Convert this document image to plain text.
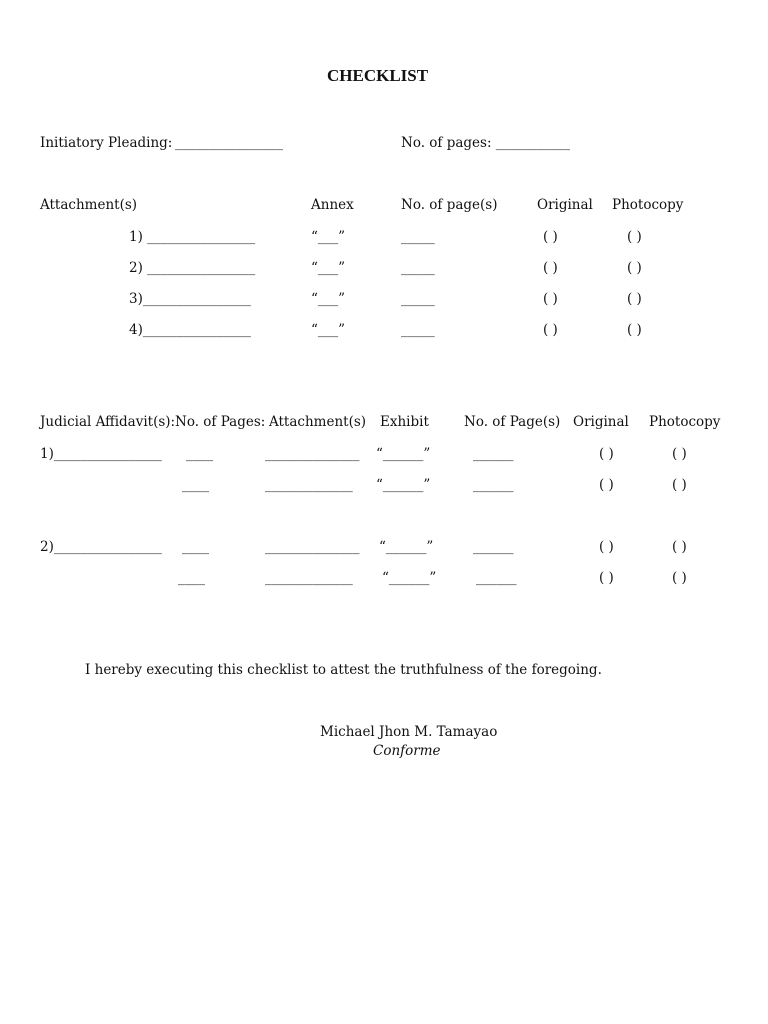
CHECKLIST
Initiatory Pleading: ________________	No. of pages: ___________
Attachment(s)	Annex	No. of page(s)	Original Photocopy
1) ________________	“___”	_____	( )	( )
2) ________________	“___”	_____	( )	( )
3)________________	“___”	_____	( )	( )
4)________________	“___”	_____	( )	( )
Judicial Affidavit(s): No. of Pages: Attachment(s) Exhibit	No. of Page(s) Original Photocopy
1)________________ ____	______________ “______”	______	( )	( )
____	_____________ “______”	______	( )	( )
2)________________ ____	______________ “______”	______	( )	( )
____	_____________ “______”	______	( )	( )
I hereby executing this checklist to attest the truthfulness of the foregoing.
Michael Jhon M. Tamayao
Conforme
